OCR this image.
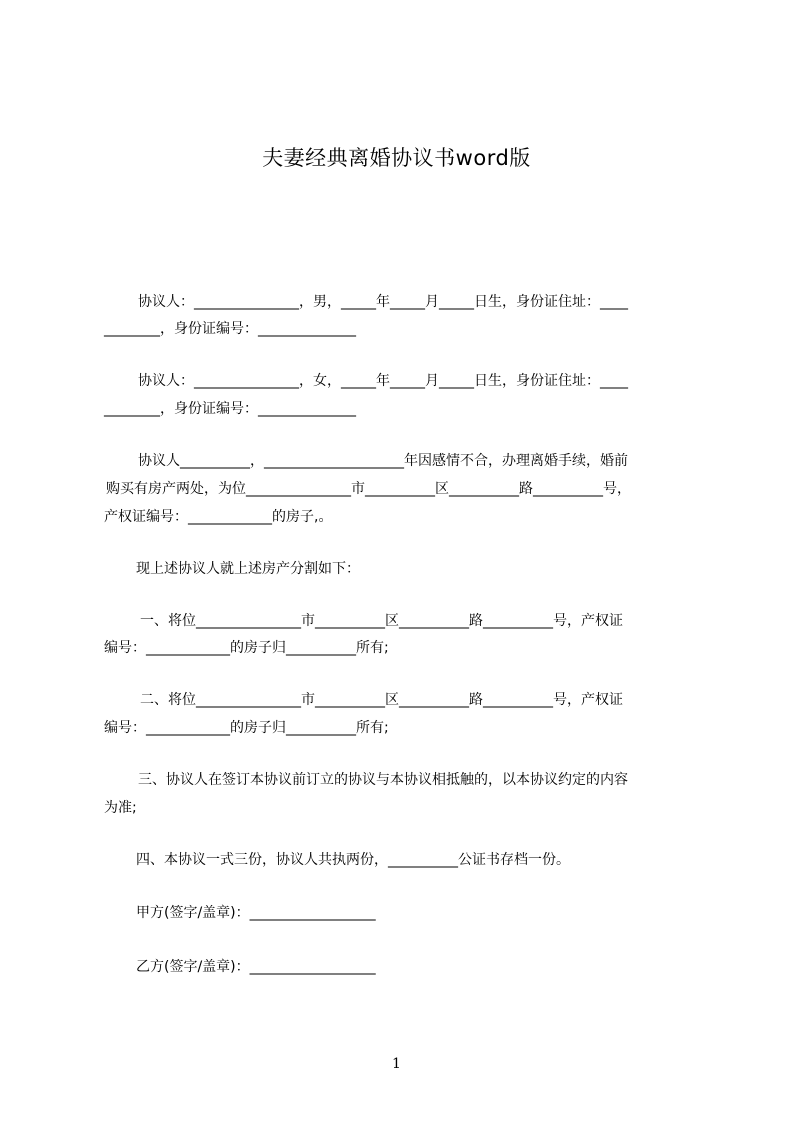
夫妻经典离婚协议书word版
协议人：_______________，男，_____年_____月_____日生，身份证住址：____
________，身份证编号：______________
协议人：_______________，女，_____年_____月_____日生，身份证住址：____
________，身份证编号：______________
协议人__________，____________________年因感情不合，办理离婚手续，婚前
购买有房产两处，为位_______________市__________区__________路__________号，
产权证编号：____________的房子,。
现上述协议人就上述房产分割如下：
一、将位_______________市__________区__________路__________号，产权证
编号：____________的房子归__________所有;
二、将位_______________市__________区__________路__________号，产权证
编号：____________的房子归__________所有;
三、协议人在签订本协议前订立的协议与本协议相抵触的，以本协议约定的内容
为准;
四、本协议一式三份，协议人共执两份，__________公证书存档一份。
甲方(签字/盖章)：__________________
乙方(签字/盖章)：__________________
1
